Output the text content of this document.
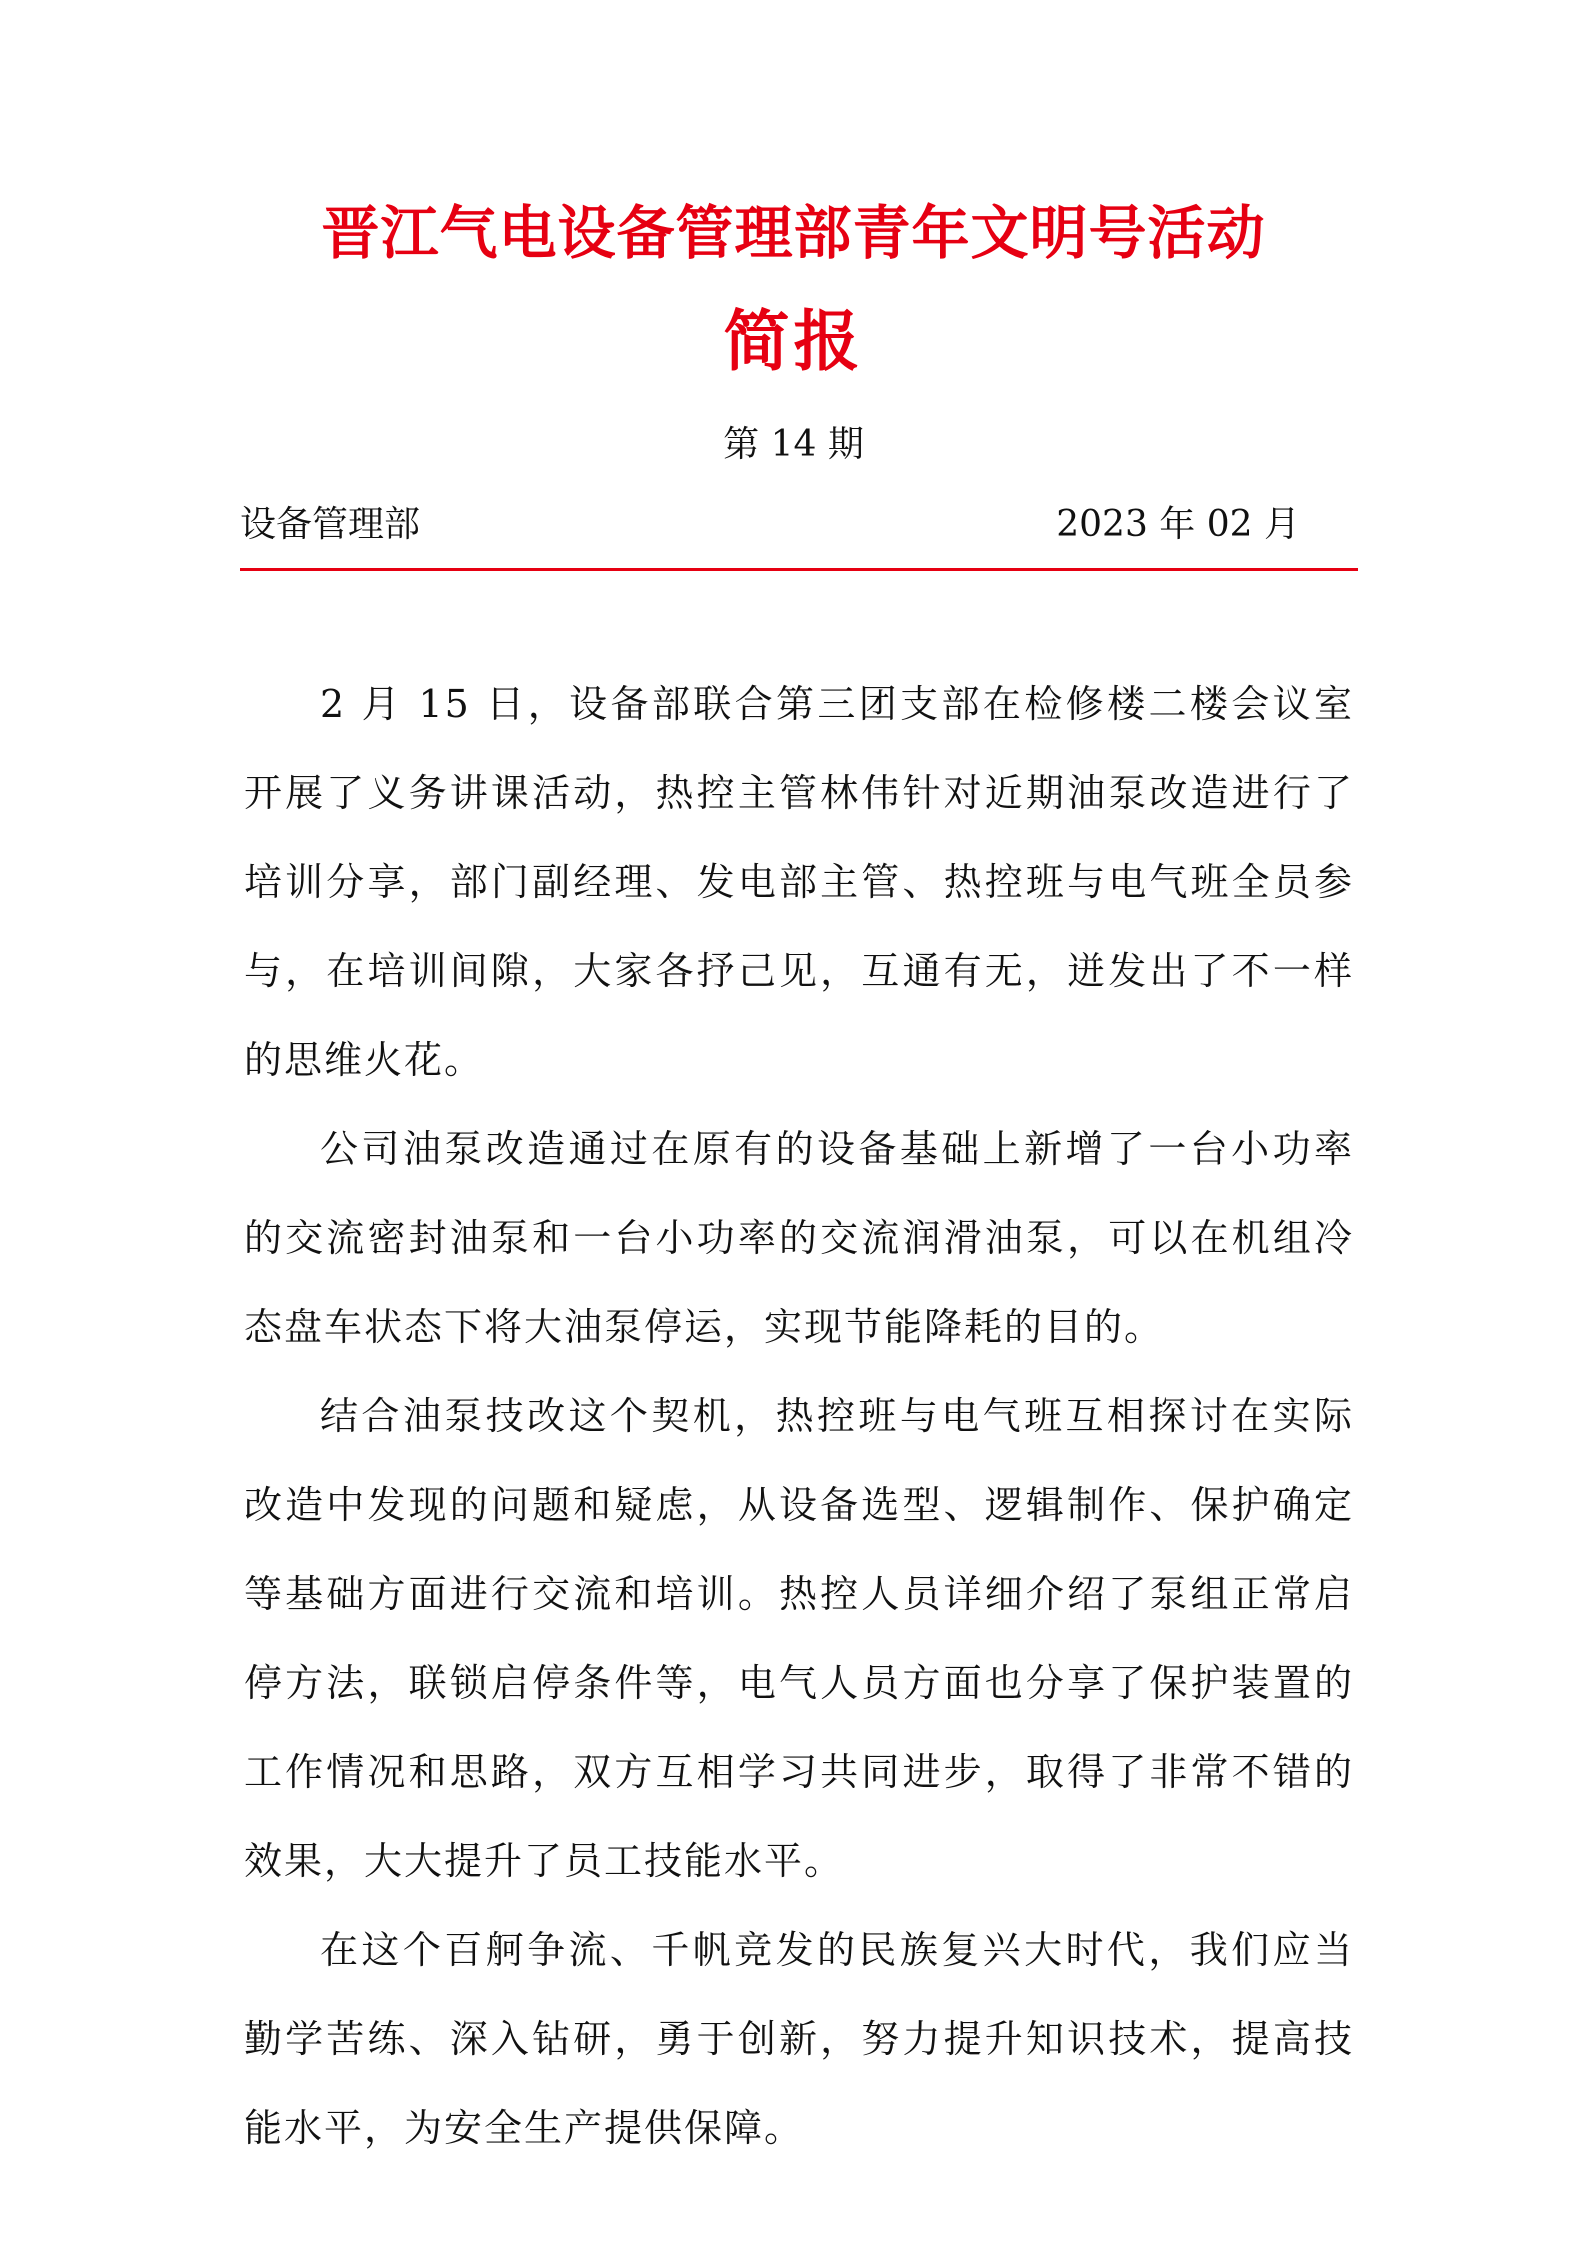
晋江气电设备管理部青年文明号活动
简报
第 14 期
设备管理部	2023 年 02 月

2 月 15 日，设备部联合第三团支部在检修楼二楼会议室开展了义务讲课活动，热控主管林伟针对近期油泵改造进行了培训分享，部门副经理、发电部主管、热控班与电气班全员参与，在培训间隙，大家各抒己见，互通有无，迸发出了不一样的思维火花。

公司油泵改造通过在原有的设备基础上新增了一台小功率的交流密封油泵和一台小功率的交流润滑油泵，可以在机组冷态盘车状态下将大油泵停运，实现节能降耗的目的。

结合油泵技改这个契机，热控班与电气班互相探讨在实际改造中发现的问题和疑虑，从设备选型、逻辑制作、保护确定等基础方面进行交流和培训。热控人员详细介绍了泵组正常启停方法，联锁启停条件等，电气人员方面也分享了保护装置的工作情况和思路，双方互相学习共同进步，取得了非常不错的效果，大大提升了员工技能水平。

在这个百舸争流、千帆竞发的民族复兴大时代，我们应当勤学苦练、深入钻研，勇于创新，努力提升知识技术，提高技能水平，为安全生产提供保障。
